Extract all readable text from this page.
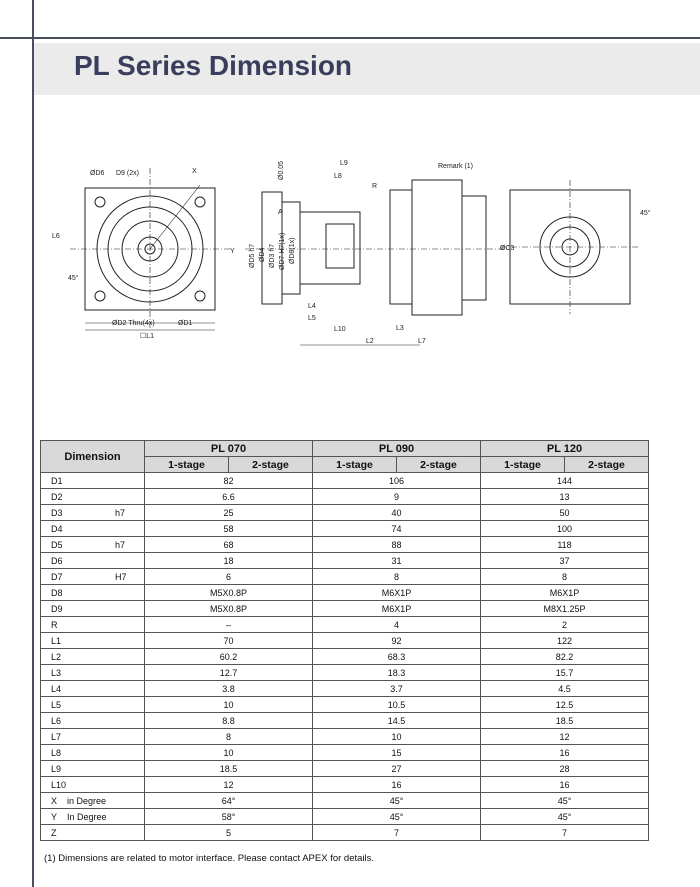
PL Series Dimension
ØD6 D9 (2x)	X
Y
L6
45°
ØD2 Thru(4x)	ØD1
☐L1
Ø0.05
A
L9
L8
R
Remark (1)
ØD5 h7 ØD4 ØD3 h7 ØD7 H7(1x) ØD8(1x)
L4
L5
L10	L3
L2	L7
ØC3
45°
Dimension	PL 070		PL 090		PL 120	
	1-stage	2-stage	1-stage	2-stage	1-stage	2-stage
D1	82		106		144	
D2	6.6		9		13	
D3 h7	25		40		50	
D4	58		74		100	
D5 h7	68		88		118	
D6	18		31		37	
D7 H7	6		8		8	
D8	M5X0.8P		M6X1P		M6X1P	
D9	M5X0.8P		M6X1P		M8X1.25P	
R	–		4		2	
L1	70		92		122	
L2	60.2		68.3		82.2	
L3	12.7		18.3		15.7	
L4	3.8		3.7		4.5	
L5	10		10.5		12.5	
L6	8.8		14.5		18.5	
L7	8		10		12	
L8	10		15		16	
L9	18.5		27		28	
L10	12		16		16	
X in Degree	64°		45°		45°	
Y In Degree	58°		45°		45°	
Z	5		7		7	

(1) Dimensions are related to motor interface. Please contact APEX for details.
